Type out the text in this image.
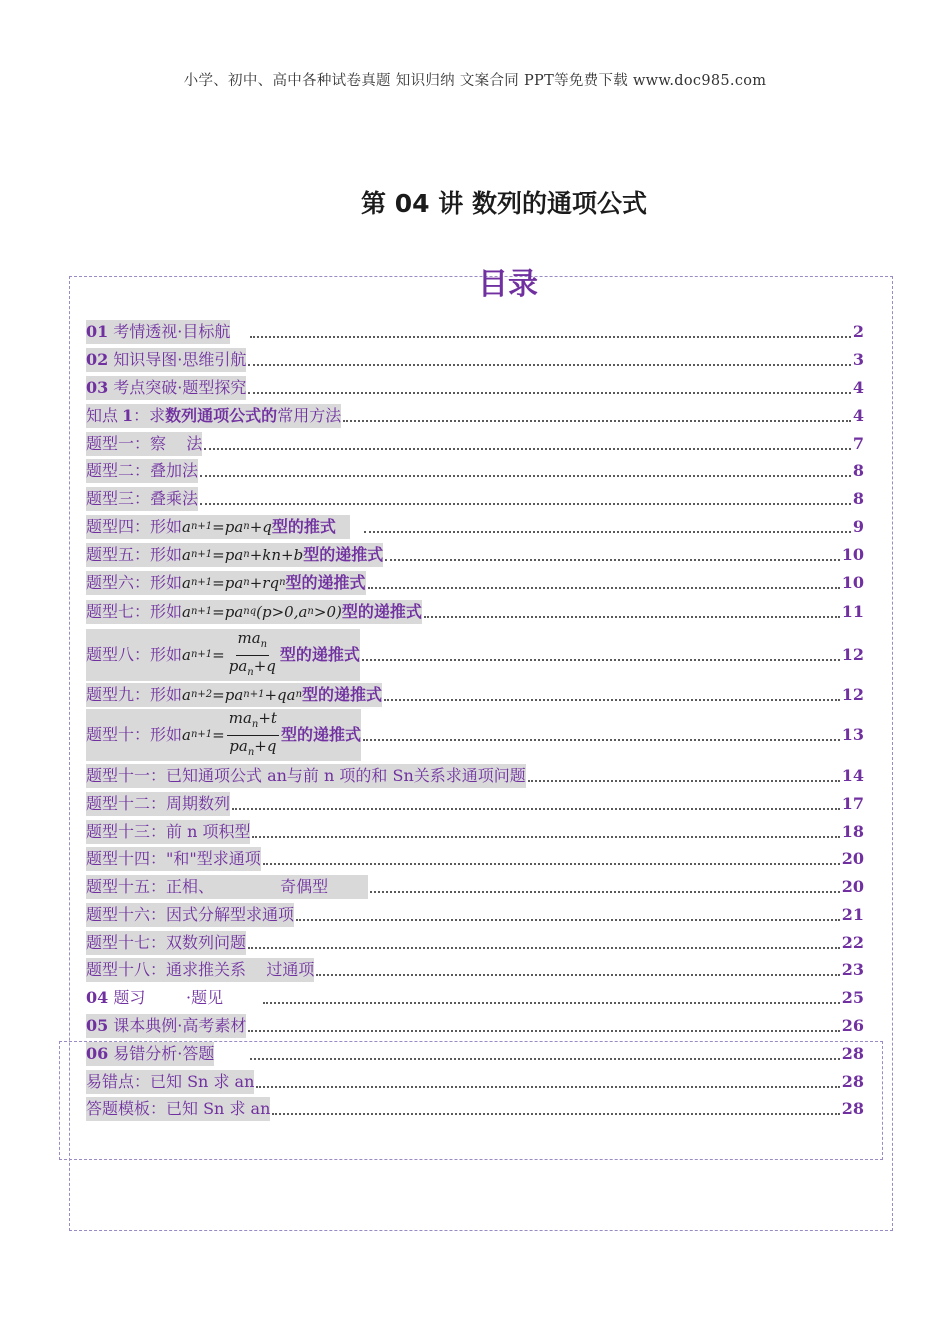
小学、初中、高中各种试卷真题 知识归纳 文案合同 PPT等免费下载 www.doc985.com
第 04 讲 数列的通项公式
目录
01 考情透视·目标航	2
02 知识导图·思维引航	3
03 考点突破·题型探究	4
知点 1 ：求 数列通项公式的 常用方法	4
题型一：察    法	7
题型二：叠加法	8
题型三：叠乘法	8
题型四：形如 a n+1 =pa n +q 型的推式	9
题型五：形如 a n+1 =pa n +kn+b 型的递推式	10
题型六：形如 a n+1 =pa n +rq n 型的递推式	10
题型七：形如 a n+1 =pa n q (p>0,a n >0) 型的递推式	11
题型八：形如 a $n+1 = \frac{ma_n}{pa_n+q}$ 型的递推式	12
题型九：形如 a n+2 =pa n+1 +qa n 型的递推式	12
题型十：形如 a $n+1 = \frac{ma_n+t}{pa_n+q}$ 型的递推式	13
题型十一：已知通项公式 an与前 n 项的和 Sn关系求通项问题	14
题型十二：周期数列	17
题型十三：前 n 项积型	18
题型十四："和"型求通项	20
题型十五：正相、             奇偶型	20
题型十六：因式分解型求通项	21
题型十七：双数列问题	22
题型十八：通求推关系    过通项	23
04 题习        ·题见	25
05 课本典例·高考素材	26
06 易错分析·答题	28
易错点：已知 Sn 求 an	28
答题模板：已知 Sn 求 an	28
